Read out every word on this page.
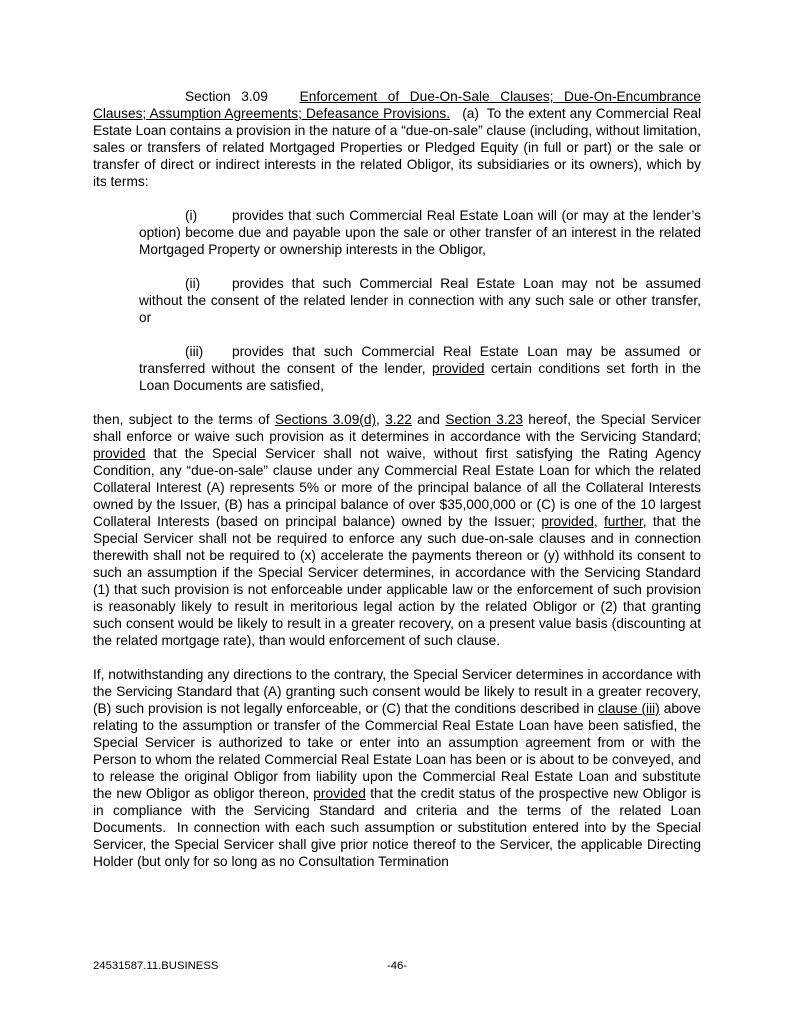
Section 3.09   Enforcement of Due-On-Sale Clauses; Due-On-Encumbrance Clauses; Assumption Agreements; Defeasance Provisions.   (a)  To the extent any Commercial Real Estate Loan contains a provision in the nature of a “due-on-sale” clause (including, without limitation, sales or transfers of related Mortgaged Properties or Pledged Equity (in full or part) or the sale or transfer of direct or indirect interests in the related Obligor, its subsidiaries or its owners), which by its terms:

(i)	provides that such Commercial Real Estate Loan will (or may at the lender’s option) become due and payable upon the sale or other transfer of an interest in the related Mortgaged Property or ownership interests in the Obligor,

(ii) provides that such Commercial Real Estate Loan may not be assumed without the consent of the related lender in connection with any such sale or other transfer, or

(iii) provides that such Commercial Real Estate Loan may be assumed or transferred without the consent of the lender, provided certain conditions set forth in the Loan Documents are satisfied,

then, subject to the terms of Sections 3.09(d), 3.22 and Section 3.23 hereof, the Special Servicer shall enforce or waive such provision as it determines in accordance with the Servicing Standard; provided that the Special Servicer shall not waive, without first satisfying the Rating Agency Condition, any “due-on-sale” clause under any Commercial Real Estate Loan for which the related Collateral Interest (A) represents 5% or more of the principal balance of all the Collateral Interests owned by the Issuer, (B) has a principal balance of over $35,000,000 or (C) is one of the 10 largest Collateral Interests (based on principal balance) owned by the Issuer; provided, further, that the Special Servicer shall not be required to enforce any such due-on-sale clauses and in connection therewith shall not be required to (x) accelerate the payments thereon or (y) withhold its consent to such an assumption if the Special Servicer determines, in accordance with the Servicing Standard (1) that such provision is not enforceable under applicable law or the enforcement of such provision is reasonably likely to result in meritorious legal action by the related Obligor or (2) that granting such consent would be likely to result in a greater recovery, on a present value basis (discounting at the related mortgage rate), than would enforcement of such clause.

If, notwithstanding any directions to the contrary, the Special Servicer determines in accordance with the Servicing Standard that (A) granting such consent would be likely to result in a greater recovery, (B) such provision is not legally enforceable, or (C) that the conditions described in clause (iii) above relating to the assumption or transfer of the Commercial Real Estate Loan have been satisfied, the Special Servicer is authorized to take or enter into an assumption agreement from or with the Person to whom the related Commercial Real Estate Loan has been or is about to be conveyed, and to release the original Obligor from liability upon the Commercial Real Estate Loan and substitute the new Obligor as obligor thereon, provided that the credit status of the prospective new Obligor is in compliance with the Servicing Standard and criteria and the terms of the related Loan Documents.  In connection with each such assumption or substitution entered into by the Special Servicer, the Special Servicer shall give prior notice thereof to the Servicer, the applicable Directing Holder (but only for so long as no Consultation Termination

24531587.11.BUSINESS	-46-
